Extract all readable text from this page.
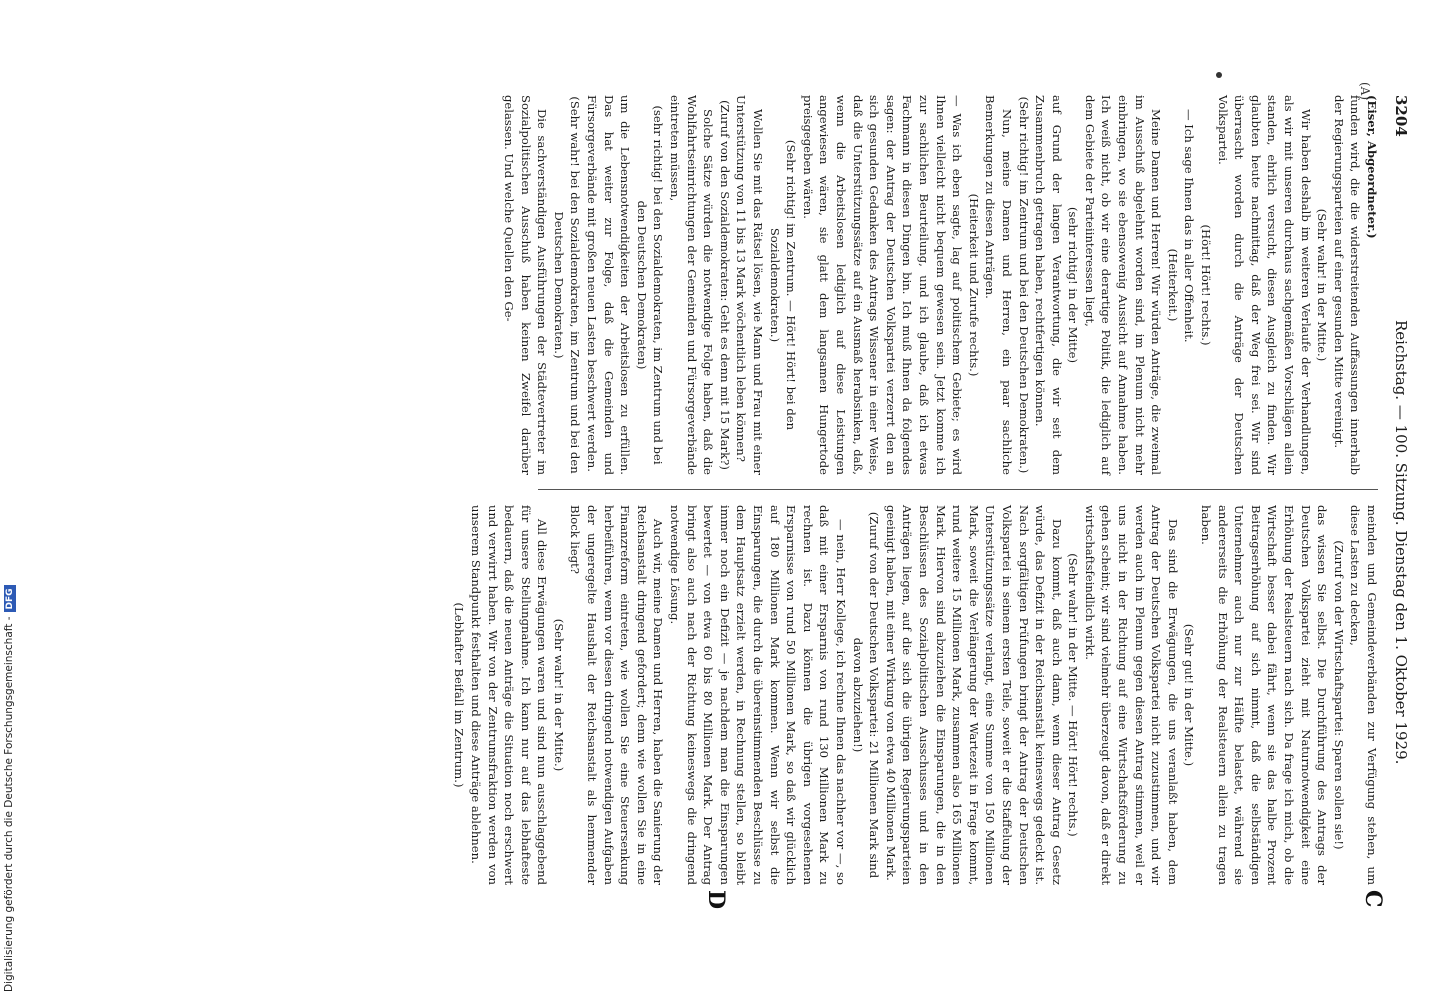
3204
Reichstag. — 100. Sitzung. Dienstag den 1. Oktober 1929.
(A)
C
D

(Eiser, Abgeordneter.)

funden wird, die die widerstreitenden Auffassungen innerhalb der Regierungsparteien auf einer gesunden Mitte vereinigt.

(Sehr wahr! in der Mitte.)

Wir haben deshalb im weiteren Verlaufe der Verhandlungen, als wir mit unseren durchaus sachgemäßen Vorschlägen allein standen, ehrlich versucht, diesen Ausgleich zu finden. Wir glaubten heute nachmittag, daß der Weg frei sei. Wir sind überrascht worden durch die Anträge der Deutschen Volkspartei.

(Hört! Hört! rechts.)

— Ich sage Ihnen das in aller Offenheit.

(Heiterkeit.)

Meine Damen und Herren! Wir würden Anträge, die zweimal im Ausschuß abgelehnt worden sind, im Plenum nicht mehr einbringen, wo sie ebensowenig Aussicht auf Annahme haben. Ich weiß nicht, ob wir eine derartige Politik, die lediglich auf dem Gebiete der Parteiinteressen liegt,

(sehr richtig! in der Mitte)

auf Grund der langen Verantwortung, die wir seit dem Zusammenbruch getragen haben, rechtfertigen können.

(Sehr richtig! im Zentrum und bei den Deutschen Demokraten.)

Nun, meine Damen und Herren, ein paar sachliche Bemerkungen zu diesen Anträgen.

(Heiterkeit und Zurufe rechts.)

— Was ich eben sagte, lag auf politischem Gebiete; es wird Ihnen vielleicht nicht bequem gewesen sein. Jetzt komme ich zur sachlichen Beurteilung, und ich glaube, daß ich etwas Fachmann in diesen Dingen bin. Ich muß Ihnen da folgendes sagen: der Antrag der Deutschen Volkspartei verzerrt den an sich gesunden Gedanken des Antrags Wissener in einer Weise, daß die Unterstützungssätze auf ein Ausmaß herabsinken, daß, wenn die Arbeitslosen lediglich auf diese Leistungen angewiesen wären, sie glatt dem langsamen Hungertode preisgegeben wären.

(Sehr richtig! im Zentrum. — Hört! Hört! bei den Sozialdemokraten.)

Wollen Sie mit das Rätsel lösen, wie Mann und Frau mit einer Unterstützung von 11 bis 13 Mark wöchentlich leben können?

(Zuruf von den Sozialdemokraten: Geht es denn mit 15 Mark?)

Solche Sätze würden die notwendige Folge haben, daß die Wohlfahrtseinrichtungen der Gemeinden und Fürsorgeverbände eintreten müssen,

(sehr richtig! bei den Sozialdemokraten, im Zentrum und bei den Deutschen Demokraten)

um die Lebensnotwendigkeiten der Arbeitslosen zu erfüllen. Das hat weiter zur Folge, daß die Gemeinden und Fürsorgeverbände mit großen neuen Lasten beschwert werden.

(Sehr wahr! bei den Sozialdemokraten, im Zentrum und bei den Deutschen Demokraten.)

Die sachverständigen Ausführungen der Städtevertreter im Sozialpolitischen Ausschuß haben keinen Zweifel darüber gelassen. Und welche Quellen den Ge-

meinden und Gemeindeverbänden zur Verfügung stehen, um diese Lasten zu decken,

(Zuruf von der Wirtschaftspartei: Sparen sollen sie!)

das wissen Sie selbst. Die Durchführung des Antrags der Deutschen Volkspartei zieht mit Naturnotwendigkeit eine Erhöhung der Realsteuern nach sich. Da frage ich mich, ob die Wirtschaft besser dabei fährt, wenn sie das halbe Prozent Beitragserhöhung auf sich nimmt, daß die selbständigen Unternehmer auch nur zur Hälfte belastet, während sie andererseits die Erhöhung der Realsteuern allein zu tragen haben.

(Sehr gut! in der Mitte.)

Das sind die Erwägungen, die uns veranlaßt haben, dem Antrag der Deutschen Volkspartei nicht zuzustimmen, und wir werden auch im Plenum gegen diesen Antrag stimmen, weil er uns nicht in der Richtung auf eine Wirtschaftsförderung zu gehen scheint; wir sind vielmehr überzeugt davon, daß er direkt wirtschaftsfeindlich wirkt.

(Sehr wahr! in der Mitte. — Hört! Hört! rechts.)

Dazu kommt, daß auch dann, wenn dieser Antrag Gesetz würde, das Defizit in der Reichsanstalt keineswegs gedeckt ist. Nach sorgfältigen Prüfungen bringt der Antrag der Deutschen Volkspartei in seinem ersten Teile, soweit er die Staffelung der Unterstützungssätze verlangt, eine Summe von 150 Millionen Mark, soweit die Verlängerung der Wartezeit in Frage kommt, rund weitere 15 Millionen Mark, zusammen also 165 Millionen Mark. Hiervon sind abzuziehen die Einsparungen, die in den Beschlüssen des Sozialpolitischen Ausschusses und in den Anträgen liegen, auf die sich die übrigen Regierungsparteien geeinigt haben, mit einer Wirkung von etwa 40 Millionen Mark.

(Zuruf von der Deutschen Volkspartei: 21 Millionen Mark sind davon abzuziehen!)

— nein, Herr Kollege, ich rechne Ihnen das nachher vor —, so daß mit einer Ersparnis von rund 130 Millionen Mark zu rechnen ist. Dazu können die übrigen vorgesehenen Ersparnisse von rund 50 Millionen Mark, so daß wir glücklich auf 180 Millionen Mark kommen. Wenn wir selbst die Einsparungen, die durch die übereinstimmenden Beschlüsse zu dem Hauptsatz erzielt werden, in Rechnung stellen, so bleibt immer noch ein Defizit — je nachdem man die Einsparungen bewertet — von etwa 60 bis 80 Millionen Mark. Der Antrag bringt also auch nach der Richtung keineswegs die dringend notwendige Lösung.

Auch wir, meine Damen und Herren, haben die Sanierung der Reichsanstalt dringend gefordert; denn wie wollen Sie in eine Finanzreform eintreten, wie wollen Sie eine Steuersenkung herbeiführen, wenn vor diesen dringend notwendigen Aufgaben der ungeregelte Haushalt der Reichsanstalt als hemmender Block liegt?

(Sehr wahr! in der Mitte.)

All diese Erwägungen waren und sind nun ausschlaggebend für unsere Stellungnahme. Ich kann nur auf das lebhafteste bedauern, daß die neuen Anträge die Situation noch erschwert und verwirrt haben. Wir von der Zentrumsfraktion werden von unserem Standpunkt festhalten und diese Anträge ablehnen.

(Lebhafter Beifall im Zentrum.)

Digitalisierung gefördert durch die Deutsche Forschungsgemeinschaft -DFG
